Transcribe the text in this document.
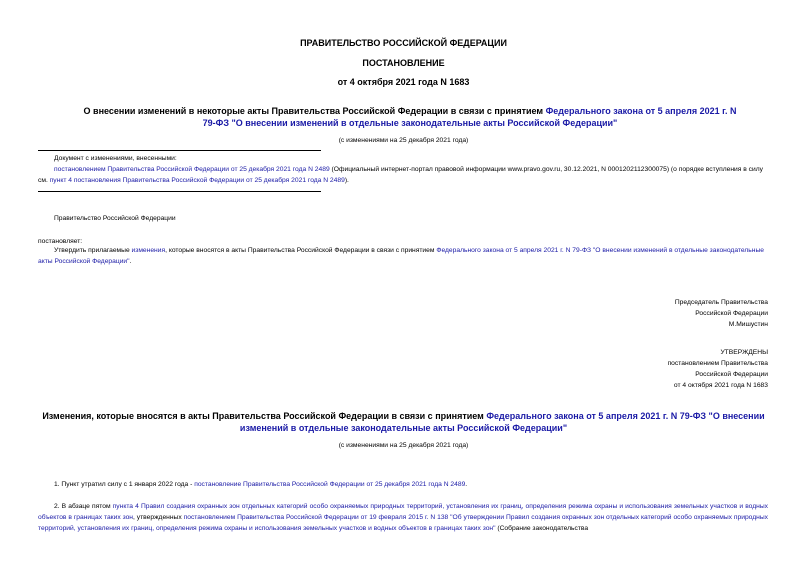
ПРАВИТЕЛЬСТВО РОССИЙСКОЙ ФЕДЕРАЦИИ
ПОСТАНОВЛЕНИЕ
от 4 октября 2021 года N 1683
О внесении изменений в некоторые акты Правительства Российской Федерации в связи с принятием Федерального закона от 5 апреля 2021 г. N 79-ФЗ "О внесении изменений в отдельные законодательные акты Российской Федерации"
(с изменениями на 25 декабря 2021 года)
Документ с изменениями, внесенными:
постановлением Правительства Российской Федерации от 25 декабря 2021 года N 2489 (Официальный интернет-портал правовой информации www.pravo.gov.ru, 30.12.2021, N 0001202112300075) (о порядке вступления в силу см. пункт 4 постановления Правительства Российской Федерации от 25 декабря 2021 года N 2489).
Правительство Российской Федерации
постановляет:
Утвердить прилагаемые изменения, которые вносятся в акты Правительства Российской Федерации в связи с принятием Федерального закона от 5 апреля 2021 г. N 79-ФЗ "О внесении изменений в отдельные законодательные акты Российской Федерации".
Председатель Правительства
Российской Федерации
М.Мишустин
УТВЕРЖДЕНЫ
постановлением Правительства
Российской Федерации
от 4 октября 2021 года N 1683
Изменения, которые вносятся в акты Правительства Российской Федерации в связи с принятием Федерального закона от 5 апреля 2021 г. N 79-ФЗ "О внесении изменений в отдельные законодательные акты Российской Федерации"
(с изменениями на 25 декабря 2021 года)
1. Пункт утратил силу с 1 января 2022 года - постановление Правительства Российской Федерации от 25 декабря 2021 года N 2489.
2. В абзаце пятом пункта 4 Правил создания охранных зон отдельных категорий особо охраняемых природных территорий, установления их границ, определения режима охраны и использования земельных участков и водных объектов в границах таких зон, утвержденных постановлением Правительства Российской Федерации от 19 февраля 2015 г. N 138 "Об утверждении Правил создания охранных зон отдельных категорий особо охраняемых природных территорий, установления их границ, определения режима охраны и использования земельных участков и водных объектов в границах таких зон" (Собрание законодательства
